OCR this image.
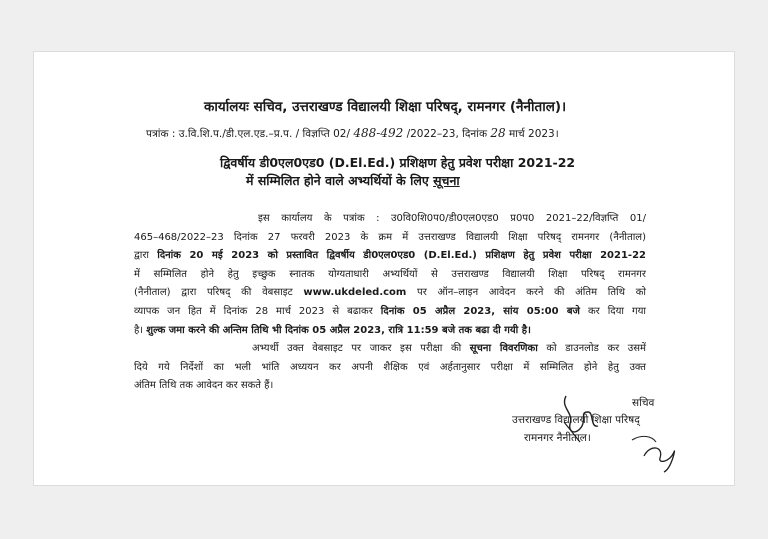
कार्यालयः सचिव, उत्तराखण्ड विद्यालयी शिक्षा परिषद्, रामनगर (नैनीताल)।
पत्रांक : उ.वि.शि.प./डी.एल.एड.–प्र.प. / विज्ञप्ति 02/ 488-492 /2022–23, दिनांक 28 मार्च 2023।
द्विवर्षीय डी0एल0एड0 (D.El.Ed.) प्रशिक्षण हेतु प्रवेश परीक्षा 2021-22
में सम्मिलित होने वाले अभ्यर्थियों के लिए सूचना
इस कार्यालय के पत्रांक : उ0वि0शि0प0/डी0एल0एड0 प्र0प0 2021–22/विज्ञप्ति 01/
465–468/2022–23 दिनांक 27 फरवरी 2023 के क्रम में उत्तराखण्ड विद्यालयी शिक्षा परिषद् रामनगर (नैनीताल)
द्वारा दिनांक 20 मई 2023 को प्रस्तावित द्विवर्षीय डी0एल0एड0 (D.El.Ed.) प्रशिक्षण हेतु प्रवेश परीक्षा 2021-22
में सम्मिलित होने हेतु इच्छुक स्नातक योग्यताधारी अभ्यर्थियों से उत्तराखण्ड विद्यालयी शिक्षा परिषद् रामनगर
(नैनीताल) द्वारा परिषद् की वेबसाइट www.ukdeled.com पर ऑन–लाइन आवेदन करने की अंतिम तिथि को
व्यापक जन हित में दिनांक 28 मार्च 2023 से बढाकर दिनांक 05 अप्रैल 2023, सांय 05:00 बजे कर दिया गया
है। शुल्क जमा करने की अन्तिम तिथि भी दिनांक 05 अप्रैल 2023, रात्रि 11:59 बजे तक बढा दी गयी है।
अभ्यर्थी उक्त वेबसाइट पर जाकर इस परीक्षा की सूचना विवरणिका को डाउनलोड कर उसमें
दिये गये निर्देशों का भली भांति अध्ययन कर अपनी शैक्षिक एवं अर्हतानुसार परीक्षा में सम्मिलित होने हेतु उक्त
अंतिम तिथि तक आवेदन कर सकते हैं।
सचिव
उत्तराखण्ड विद्यालयी शिक्षा परिषद्
रामनगर नैनीताल।
